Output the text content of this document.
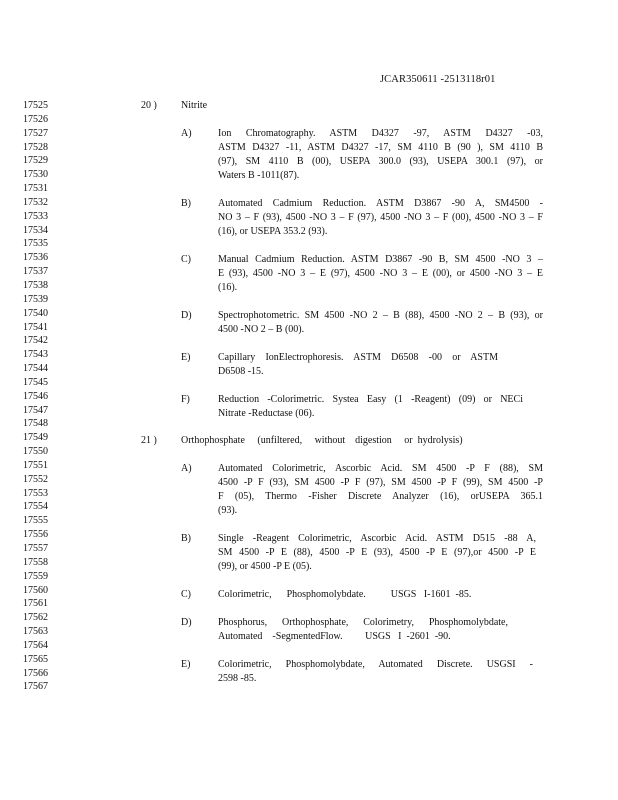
JCAR350611 -2513118r01
17525
17526
17527
17528
17529
17530
17531
17532
17533
17534
17535
17536
17537
17538
17539
17540
17541
17542
17543
17544
17545
17546
17547
17548
17549
17550
17551
17552
17553
17554
17555
17556
17557
17558
17559
17560
17561
17562
17563
17564
17565
17566
17567
20 ) Nitrite
A)	Ion Chromatography. ASTM D4327 -97, ASTM D4327 -03,
ASTM D4327 -11, ASTM D4327 -17, SM 4110 B (90 ), SM 4110 B
(97), SM 4110 B (00), USEPA 300.0 (93), USEPA 300.1 (97), or
Waters B -1011(87).
B)	Automated Cadmium Reduction. ASTM D3867 -90 A, SM4500 -
NO 3 – F (93), 4500 -NO 3 – F (97), 4500 -NO 3 – F (00), 4500 -NO 3 – F
(16), or USEPA 353.2 (93).
C)	Manual Cadmium Reduction. ASTM D3867 -90 B, SM 4500 -NO 3 –
E (93), 4500 -NO 3 – E (97), 4500 -NO 3 – E (00), or 4500 -NO 3 – E
(16).
D)	Spectrophotometric. SM 4500 -NO 2 – B (88), 4500 -NO 2 – B (93), or
4500 -NO 2 – B (00).
E)	Capillary IonElectrophoresis. ASTM D6508 -00 or ASTM
D6508 -15.
F)	Reduction -Colorimetric. Systea Easy (1 -Reagent) (09) or NECi
Nitrate -Reductase (06).
21 ) Orthophosphate     (unfiltered,     without    digestion     or  hydrolysis)
A)	Automated Colorimetric, Ascorbic Acid. SM 4500 -P F (88), SM
4500 -P F (93), SM 4500 -P F (97), SM 4500 -P F (99), SM 4500 -P
F (05), Thermo -Fisher Discrete Analyzer (16), orUSEPA 365.1
(93).
B)	Single -Reagent Colorimetric, Ascorbic Acid. ASTM D515 -88 A,
SM 4500 -P E (88), 4500 -P E (93), 4500 -P E (97),or 4500 -P E
(99), or 4500 -P E (05).
C)	Colorimetric,      Phosphomolybdate.          USGS   I-1601  -85.
D)	Phosphorus, Orthophosphate, Colorimetry, Phosphomolybdate,
Automated    -SegmentedFlow.         USGS   I  -2601  -90.
E)	Colorimetric, Phosphomolybdate, Automated Discrete. USGSI -
2598 -85.
